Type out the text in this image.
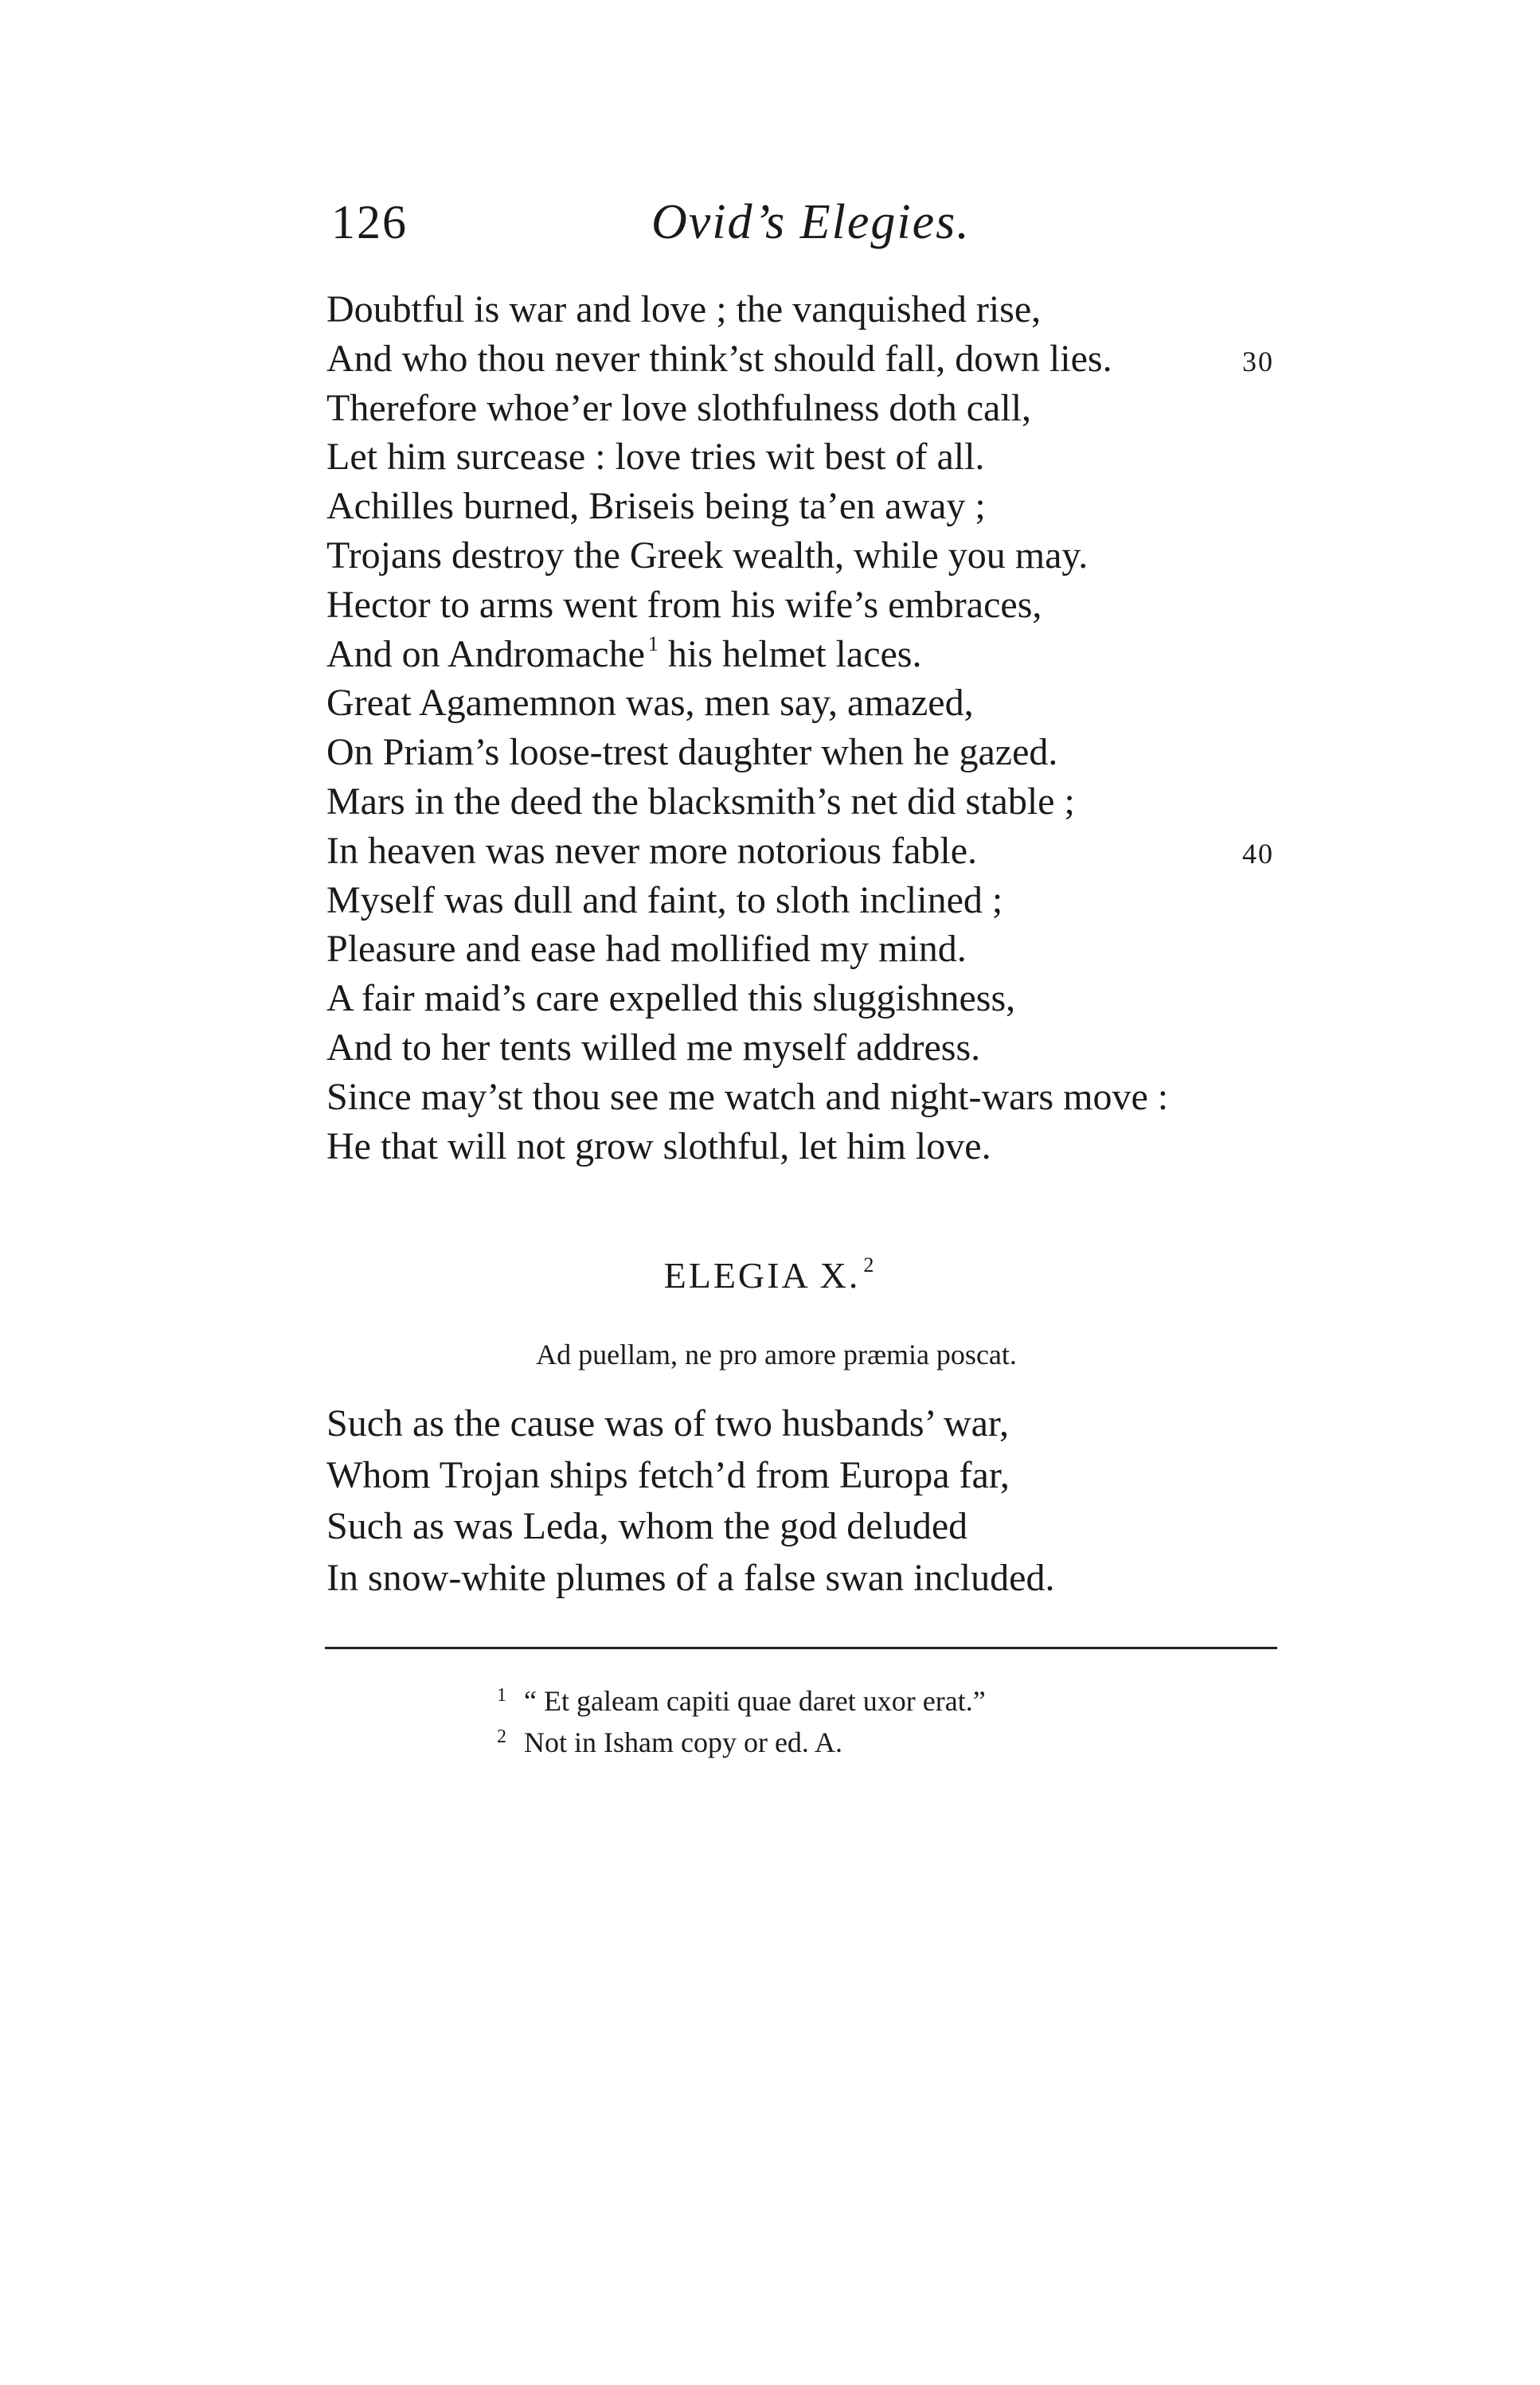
126	Ovid’s Elegies.
Doubtful is war and love ; the vanquished rise,
And who thou never think’st should fall, down lies.	30
Therefore whoe’er love slothfulness doth call,
Let him surcease : love tries wit best of all.
Achilles burned, Briseis being ta’en away ;
Trojans destroy the Greek wealth, while you may.
Hector to arms went from his wife’s embraces,
And on Andromache $^1$ his helmet laces.
Great Agamemnon was, men say, amazed,
On Priam’s loose-trest daughter when he gazed.
Mars in the deed the blacksmith’s net did stable ;
In heaven was never more notorious fable.	40
Myself was dull and faint, to sloth inclined ;
Pleasure and ease had mollified my mind.
A fair maid’s care expelled this sluggishness,
And to her tents willed me myself address.
Since may’st thou see me watch and night-wars move :
He that will not grow slothful, let him love.
ELEGIA X. $^2$
Ad puellam, ne pro amore præmia poscat.
Such as the cause was of two husbands’ war,
Whom Trojan ships fetch’d from Europa far,
Such as was Leda, whom the god deluded
In snow-white plumes of a false swan included.
1 “ Et galeam capiti quae daret uxor erat.”
2 Not in Isham copy or ed. A.
